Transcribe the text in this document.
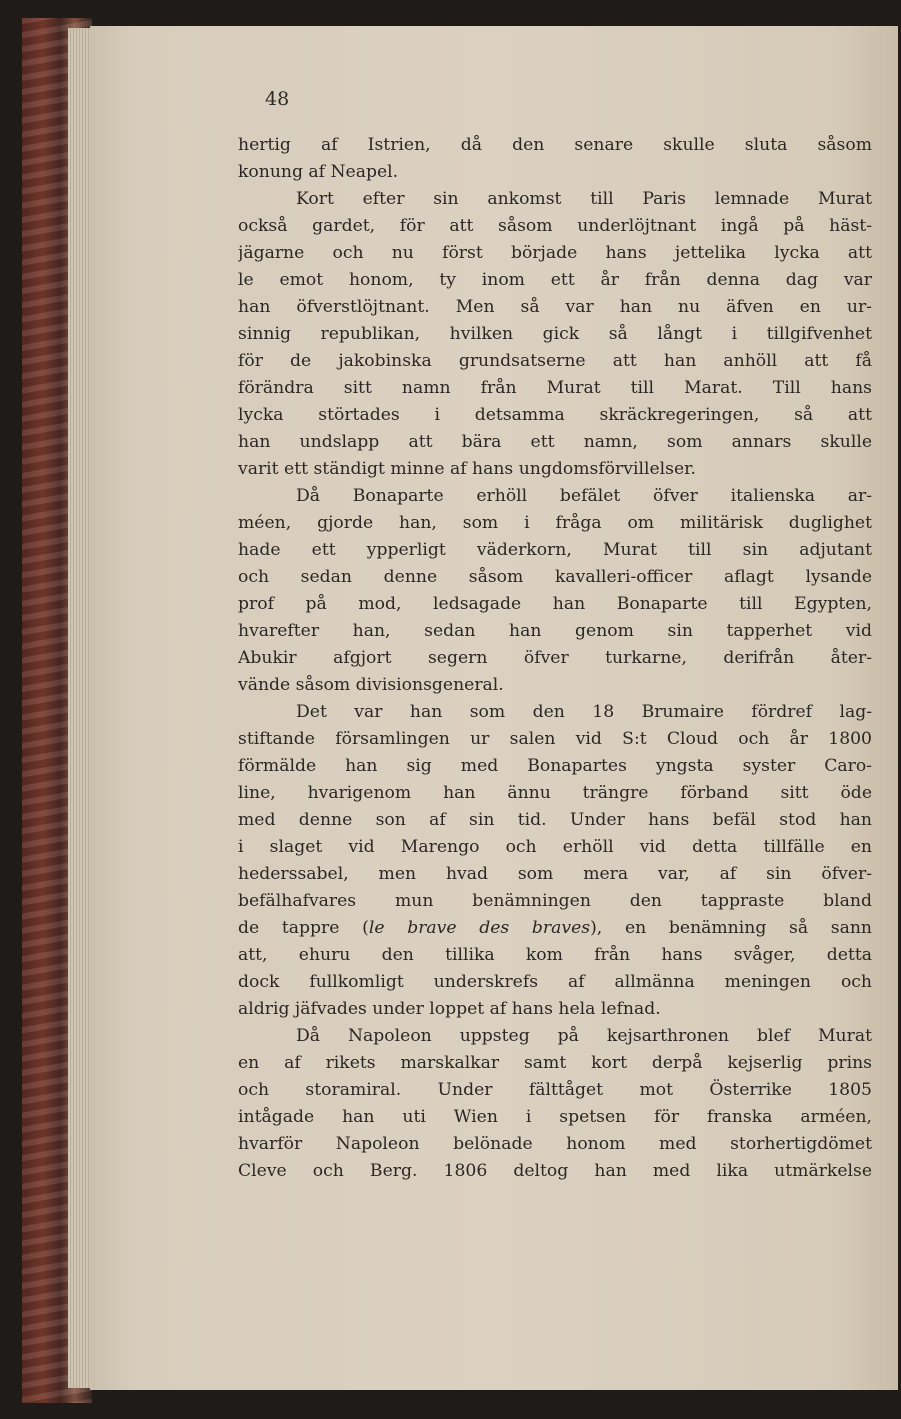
48
hertig af Istrien, då den senare skulle sluta såsom
konung af Neapel.
Kort efter sin ankomst till Paris lemnade Murat
också gardet, för att såsom underlöjtnant ingå på häst-
jägarne och nu först började hans jettelika lycka att
le emot honom, ty inom ett år från denna dag var
han öfverstlöjtnant. Men så var han nu äfven en ur-
sinnig republikan, hvilken gick så långt i tillgifvenhet
för de jakobinska grundsatserne att han anhöll att få
förändra sitt namn från Murat till Marat. Till hans
lycka störtades i detsamma skräckregeringen, så att
han undslapp att bära ett namn, som annars skulle
varit ett ständigt minne af hans ungdomsförvillelser.
Då Bonaparte erhöll befälet öfver italienska ar-
méen, gjorde han, som i fråga om militärisk duglighet
hade ett ypperligt väderkorn, Murat till sin adjutant
och sedan denne såsom kavalleri-officer aflagt lysande
prof på mod, ledsagade han Bonaparte till Egypten,
hvarefter han, sedan han genom sin tapperhet vid
Abukir afgjort segern öfver turkarne, derifrån åter-
vände såsom divisionsgeneral.
Det var han som den 18 Brumaire fördref lag-
stiftande församlingen ur salen vid S:t Cloud och år 1800
förmälde han sig med Bonapartes yngsta syster Caro-
line, hvarigenom han ännu trängre förband sitt öde
med denne son af sin tid. Under hans befäl stod han
i slaget vid Marengo och erhöll vid detta tillfälle en
hederssabel, men hvad som mera var, af sin öfver-
befälhafvares mun benämningen den tappraste bland
de tappre (le brave des braves), en benämning så sann
att, ehuru den tillika kom från hans svåger, detta
dock fullkomligt underskrefs af allmänna meningen och
aldrig jäfvades under loppet af hans hela lefnad.
Då Napoleon uppsteg på kejsarthronen blef Murat
en af rikets marskalkar samt kort derpå kejserlig prins
och storamiral. Under fälttåget mot Österrike 1805
intågade han uti Wien i spetsen för franska arméen,
hvarför Napoleon belönade honom med storhertigdömet
Cleve och Berg. 1806 deltog han med lika utmärkelse
